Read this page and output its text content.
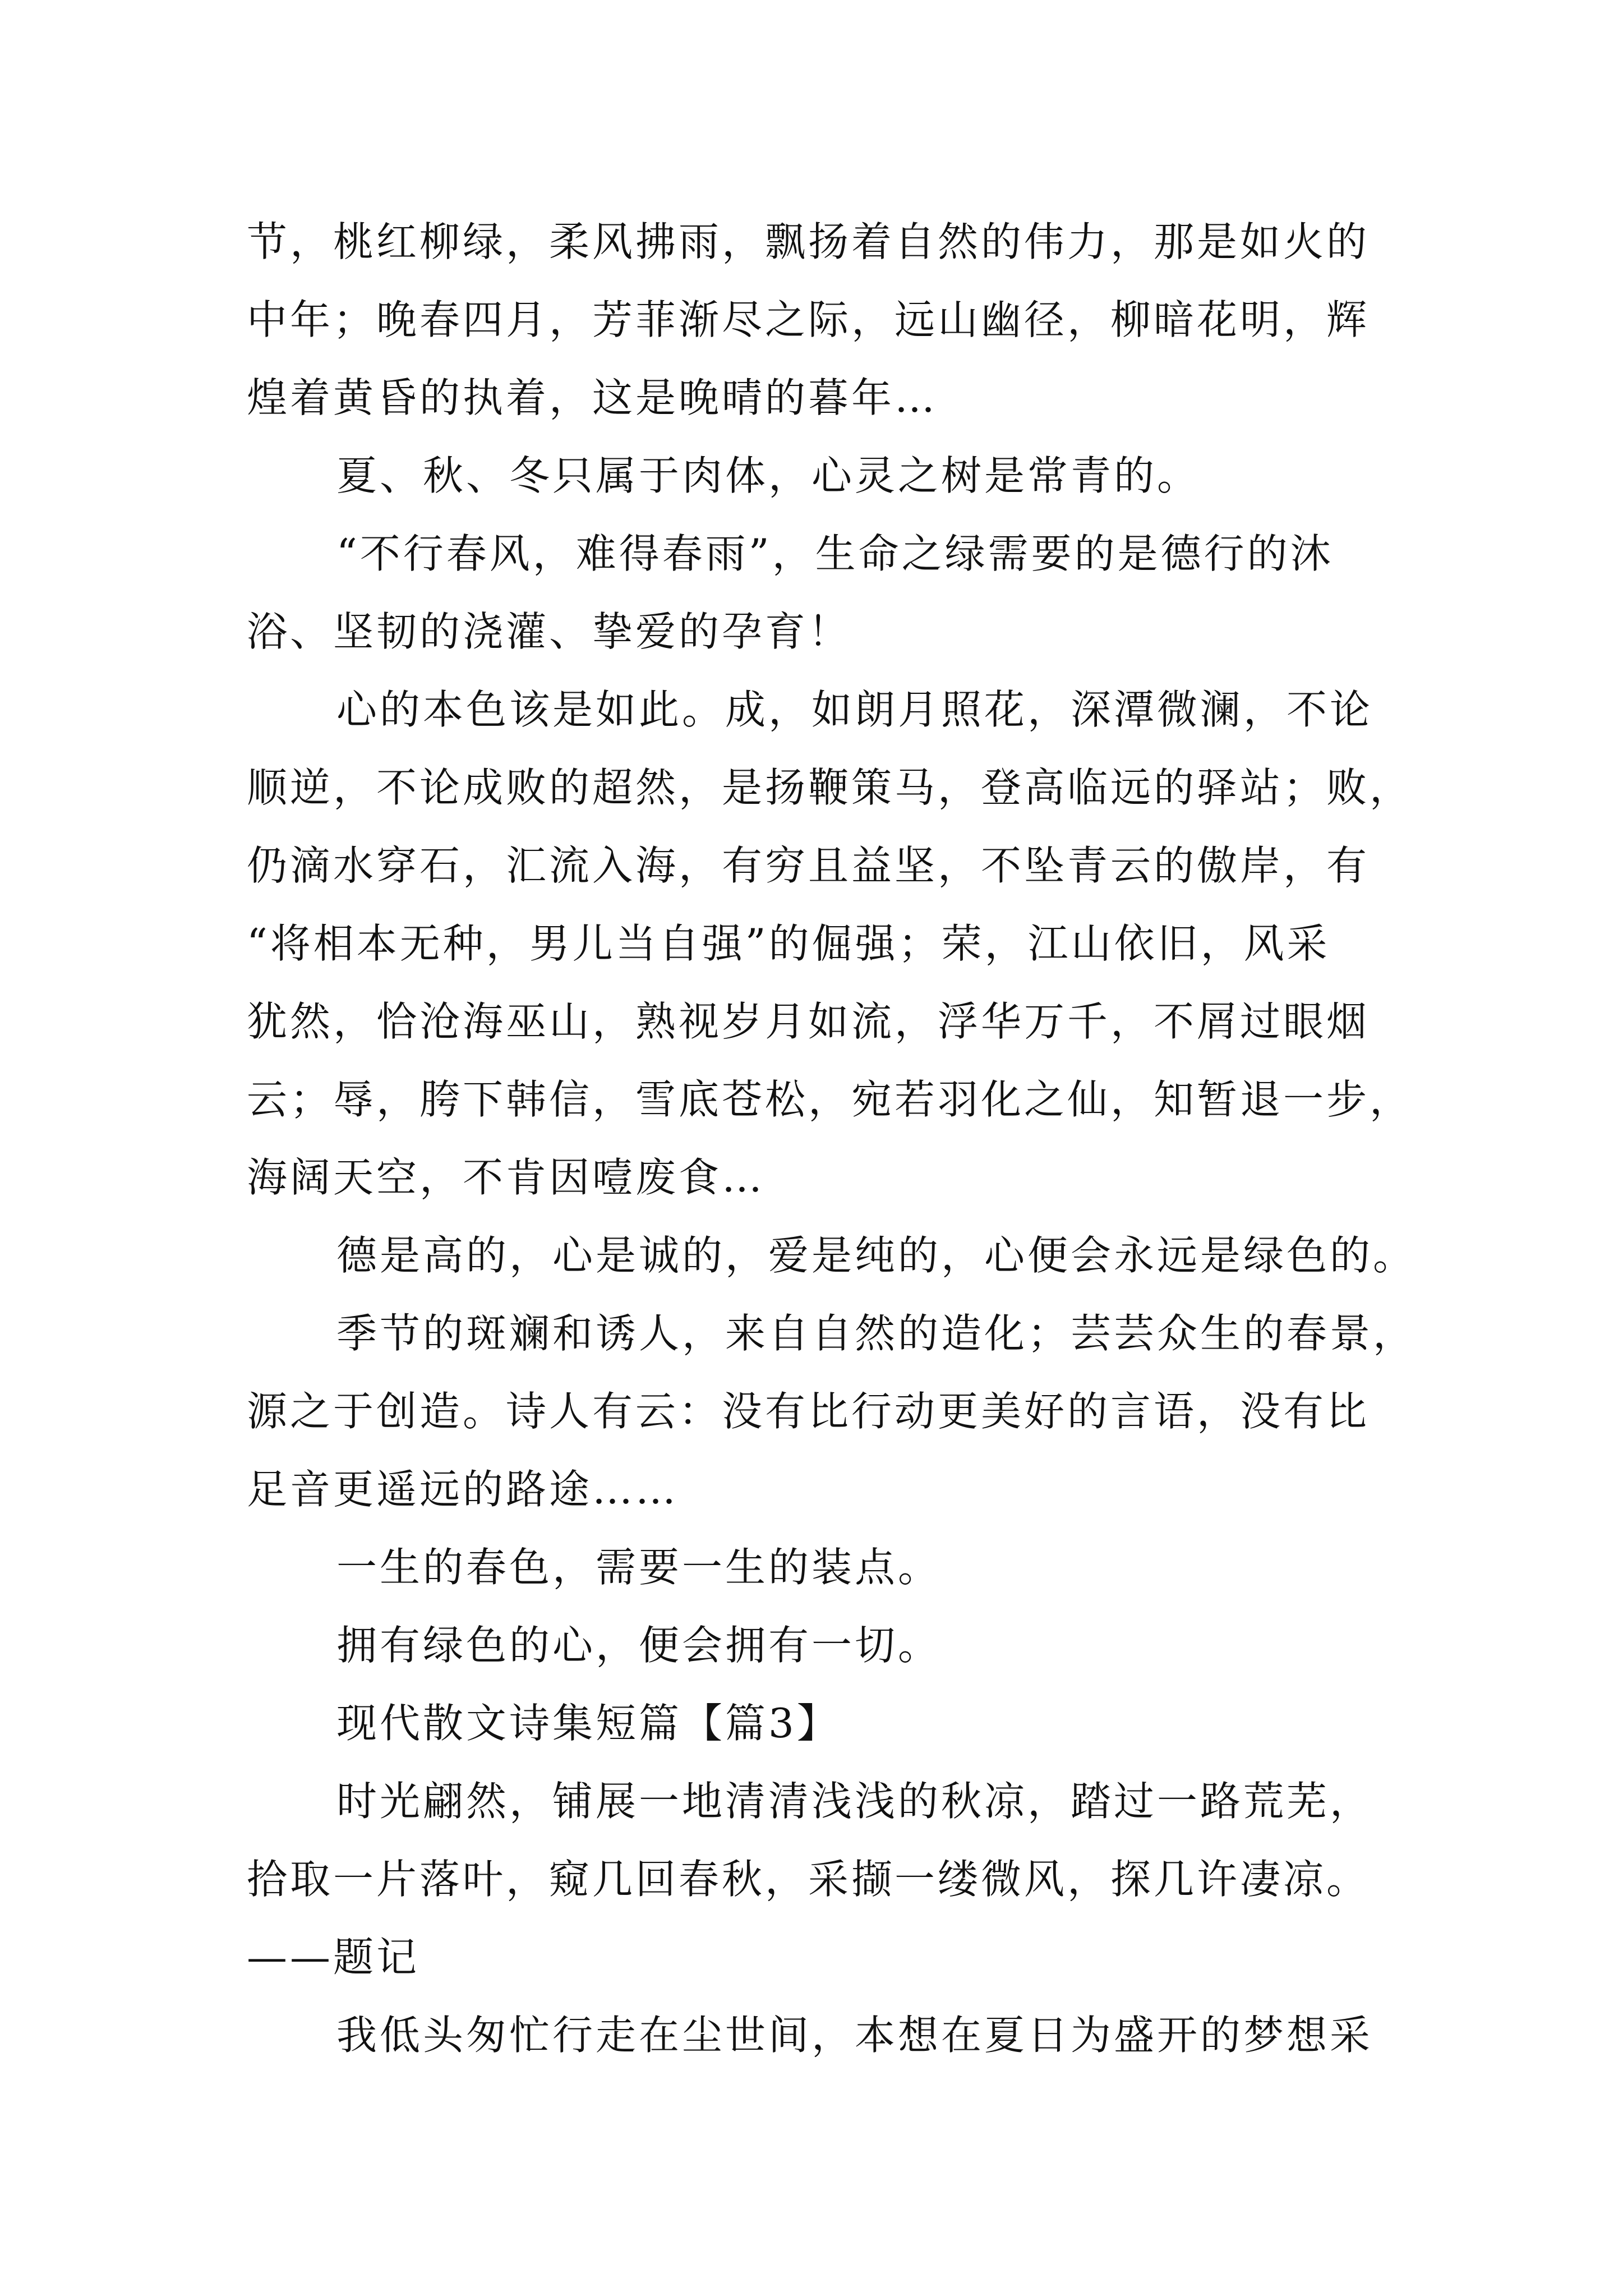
节，桃红柳绿，柔风拂雨，飘扬着自然的伟力，那是如火的
中年；晚春四月，芳菲渐尽之际，远山幽径，柳暗花明，辉
煌着黄昏的执着，这是晚晴的暮年…
夏、秋、冬只属于肉体，心灵之树是常青的。
“不行春风，难得春雨”，生命之绿需要的是德行的沐
浴、坚韧的浇灌、挚爱的孕育！
心的本色该是如此。成，如朗月照花，深潭微澜，不论
顺逆，不论成败的超然，是扬鞭策马，登高临远的驿站；败，
仍滴水穿石，汇流入海，有穷且益坚，不坠青云的傲岸，有
“将相本无种，男儿当自强”的倔强；荣，江山依旧，风采
犹然，恰沧海巫山，熟视岁月如流，浮华万千，不屑过眼烟
云；辱，胯下韩信，雪底苍松，宛若羽化之仙，知暂退一步，
海阔天空，不肯因噎废食…
德是高的，心是诚的，爱是纯的，心便会永远是绿色的。
季节的斑斓和诱人，来自自然的造化；芸芸众生的春景，
源之于创造。诗人有云：没有比行动更美好的言语，没有比
足音更遥远的路途……
一生的春色，需要一生的装点。
拥有绿色的心，便会拥有一切。
现代散文诗集短篇【篇3】
时光翩然，铺展一地清清浅浅的秋凉，踏过一路荒芜，
拾取一片落叶，窥几回春秋，采撷一缕微风，探几许凄凉。
——题记
我低头匆忙行走在尘世间，本想在夏日为盛开的梦想采
